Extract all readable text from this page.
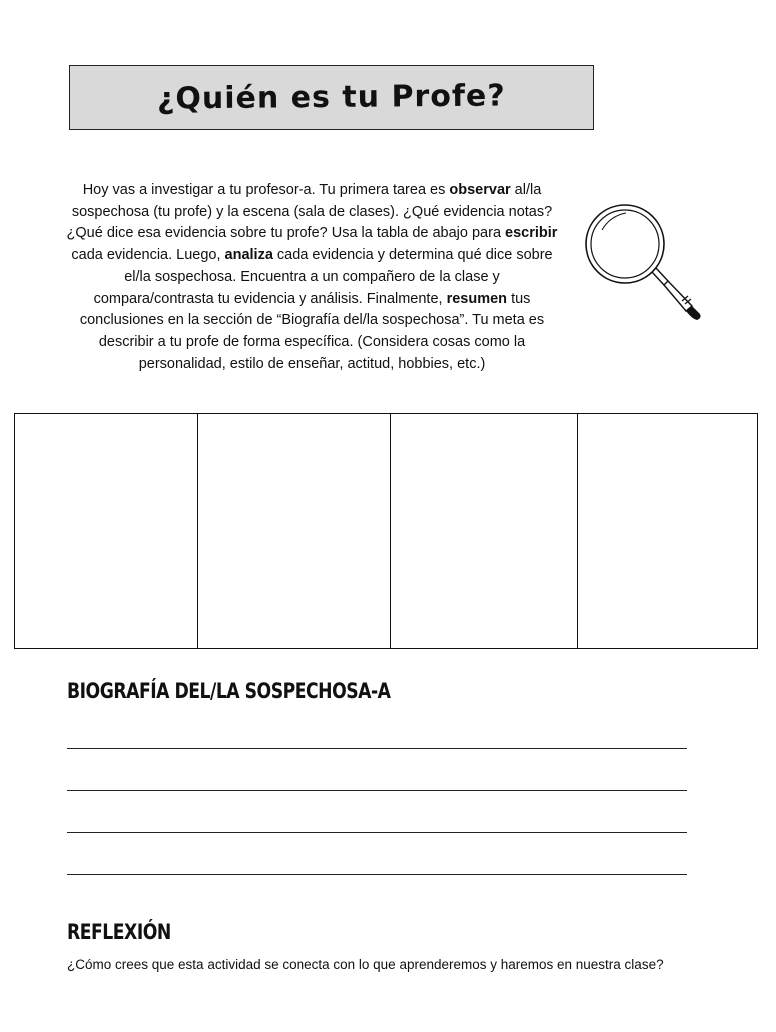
¿Quién es tu Profe?
Hoy vas a investigar a tu profesor-a. Tu primera tarea es observar al/la sospechosa (tu profe) y la escena (sala de clases). ¿Qué evidencia notas? ¿Qué dice esa evidencia sobre tu profe? Usa la tabla de abajo para escribir cada evidencia. Luego, analiza cada evidencia y determina qué dice sobre el/la sospechosa. Encuentra a un compañero de la clase y compara/contrasta tu evidencia y análisis. Finalmente, resumen tus conclusiones en la sección de “Biografía del/la sospechosa”. Tu meta es describir a tu profe de forma específica. (Considera cosas como la personalidad, estilo de enseñar, actitud, hobbies, etc.)

BIOGRAFÍA DEL/LA SOSPECHOSA-A
REFLEXIÓN
¿Cómo crees que esta actividad se conecta con lo que aprenderemos y haremos en nuestra clase?
